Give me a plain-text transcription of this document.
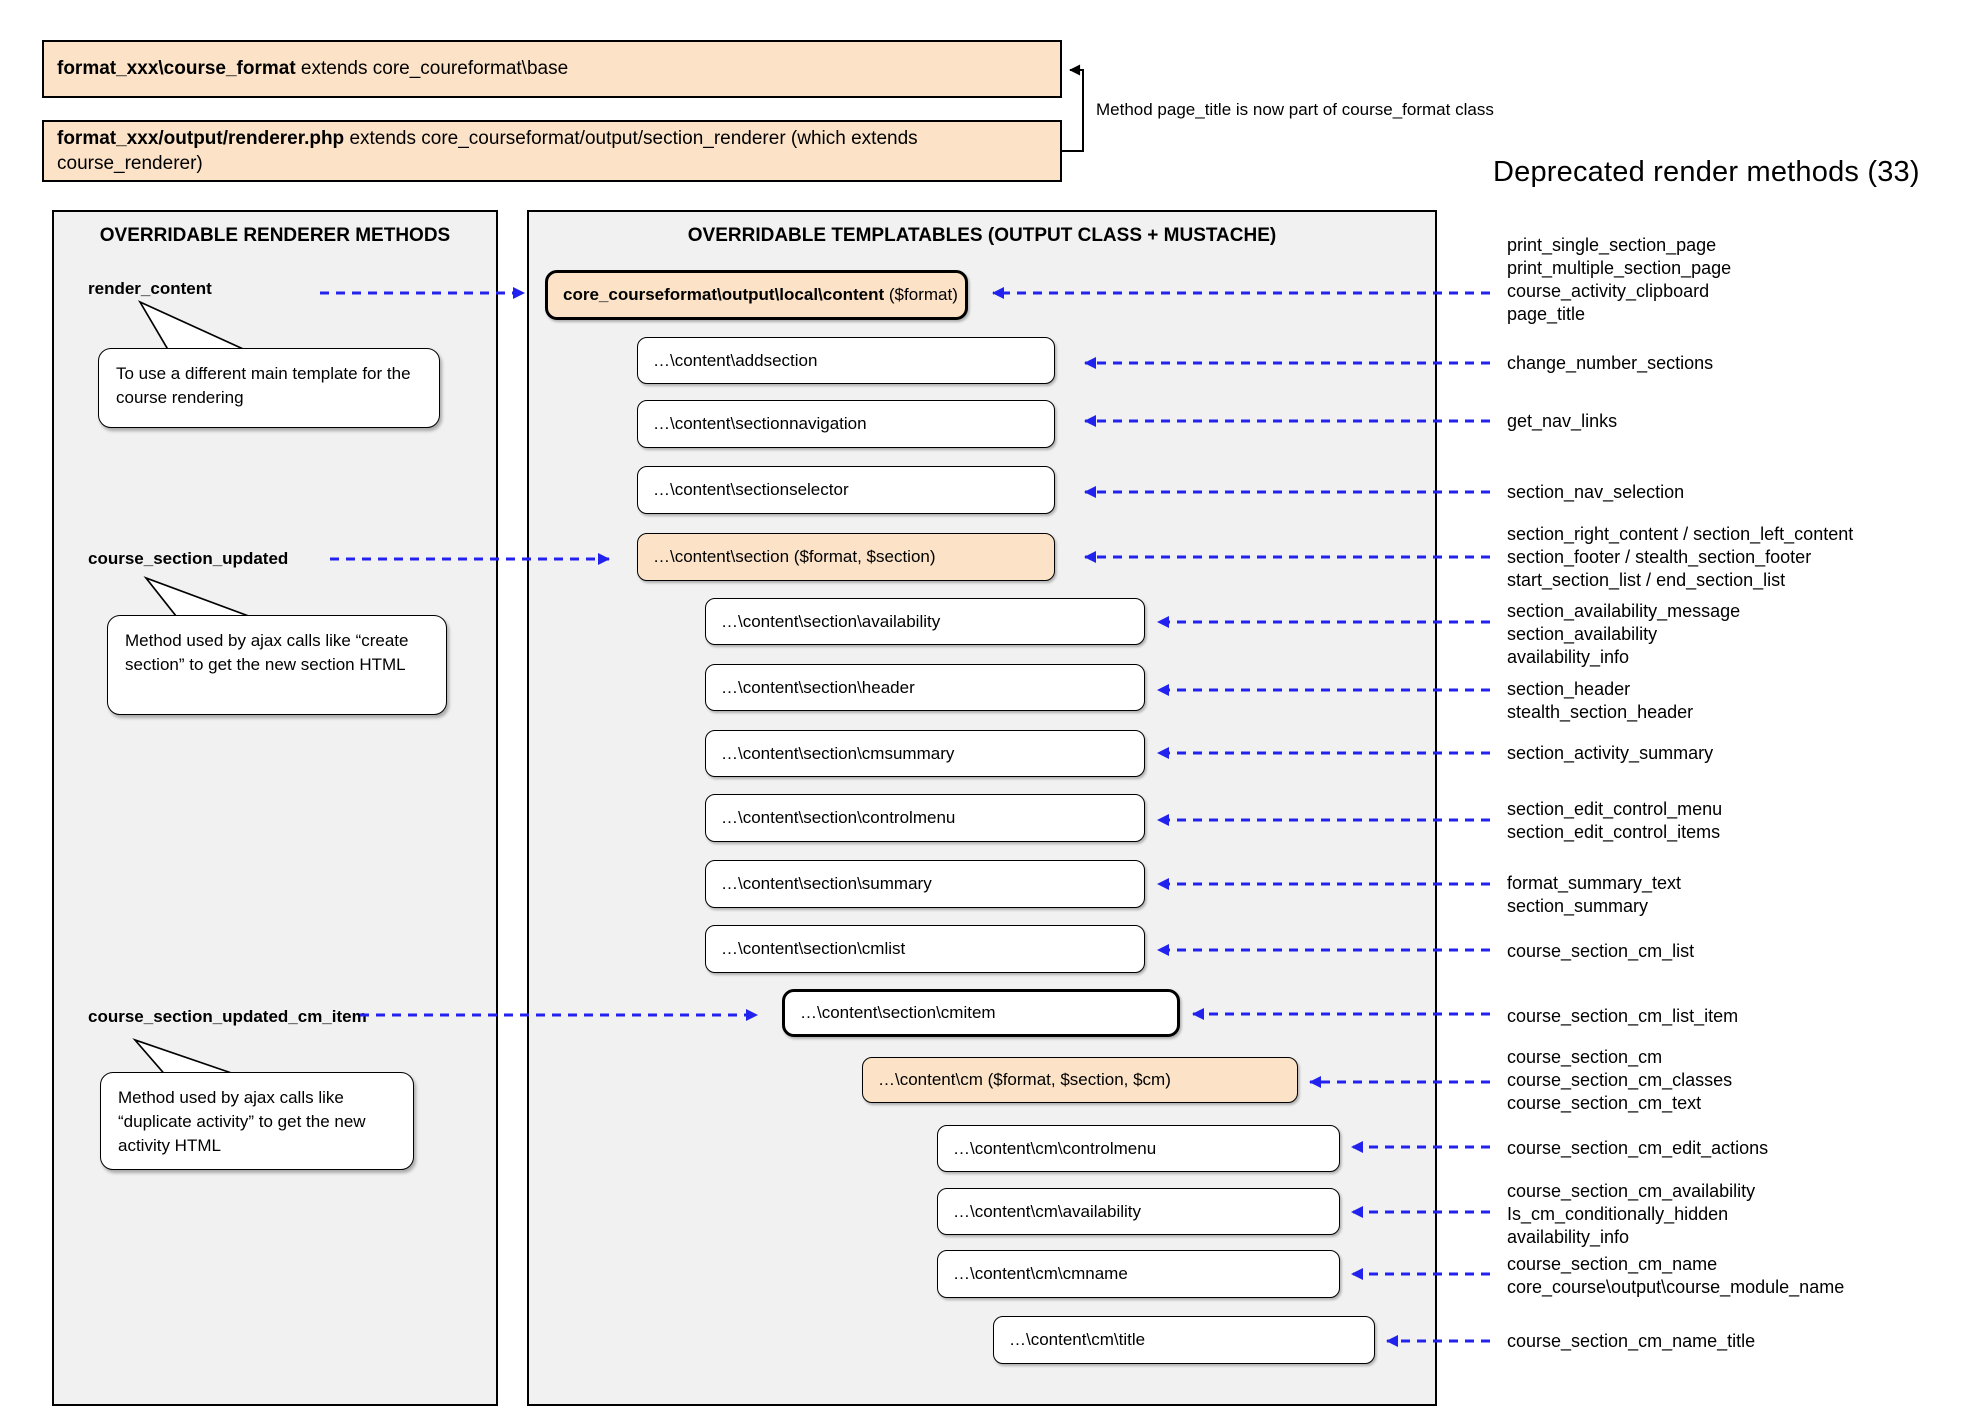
format_xxx\course_format extends core_coureformat\base
format_xxx/output/renderer.php extends core_courseformat/output/section_renderer (which extends course_renderer)
Method page_title is now part of course_format class
Deprecated render methods (33)
OVERRIDABLE RENDERER METHODS	OVERRIDABLE TEMPLATABLES (OUTPUT CLASS + MUSTACHE)
render_content
course_section_updated
course_section_updated_cm_item
core_courseformat\output\local\content ($format)
…\content\addsection
…\content\sectionnavigation
…\content\sectionselector
…\content\section ($format, $section)
…\content\section\availability
…\content\section\header
…\content\section\cmsummary
…\content\section\controlmenu
…\content\section\summary
…\content\section\cmlist
…\content\section\cmitem
…\content\cm ($format, $section, $cm)
…\content\cm\controlmenu
…\content\cm\availability
…\content\cm\cmname
…\content\cm\title
print_single_section_page
print_multiple_section_page
course_activity_clipboard
page_title
change_number_sections
get_nav_links
section_nav_selection
section_right_content / section_left_content
section_footer / stealth_section_footer
start_section_list / end_section_list
section_availability_message
section_availability
availability_info
section_header
stealth_section_header
section_activity_summary
section_edit_control_menu
section_edit_control_items
format_summary_text
section_summary
course_section_cm_list
course_section_cm_list_item
course_section_cm
course_section_cm_classes
course_section_cm_text
course_section_cm_edit_actions
course_section_cm_availability
Is_cm_conditionally_hidden
availability_info
course_section_cm_name
core_course\output\course_module_name
course_section_cm_name_title
To use a different main template for the course rendering
Method used by ajax calls like “create section” to get the new section HTML
Method used by ajax calls like “duplicate activity” to get the new activity HTML
